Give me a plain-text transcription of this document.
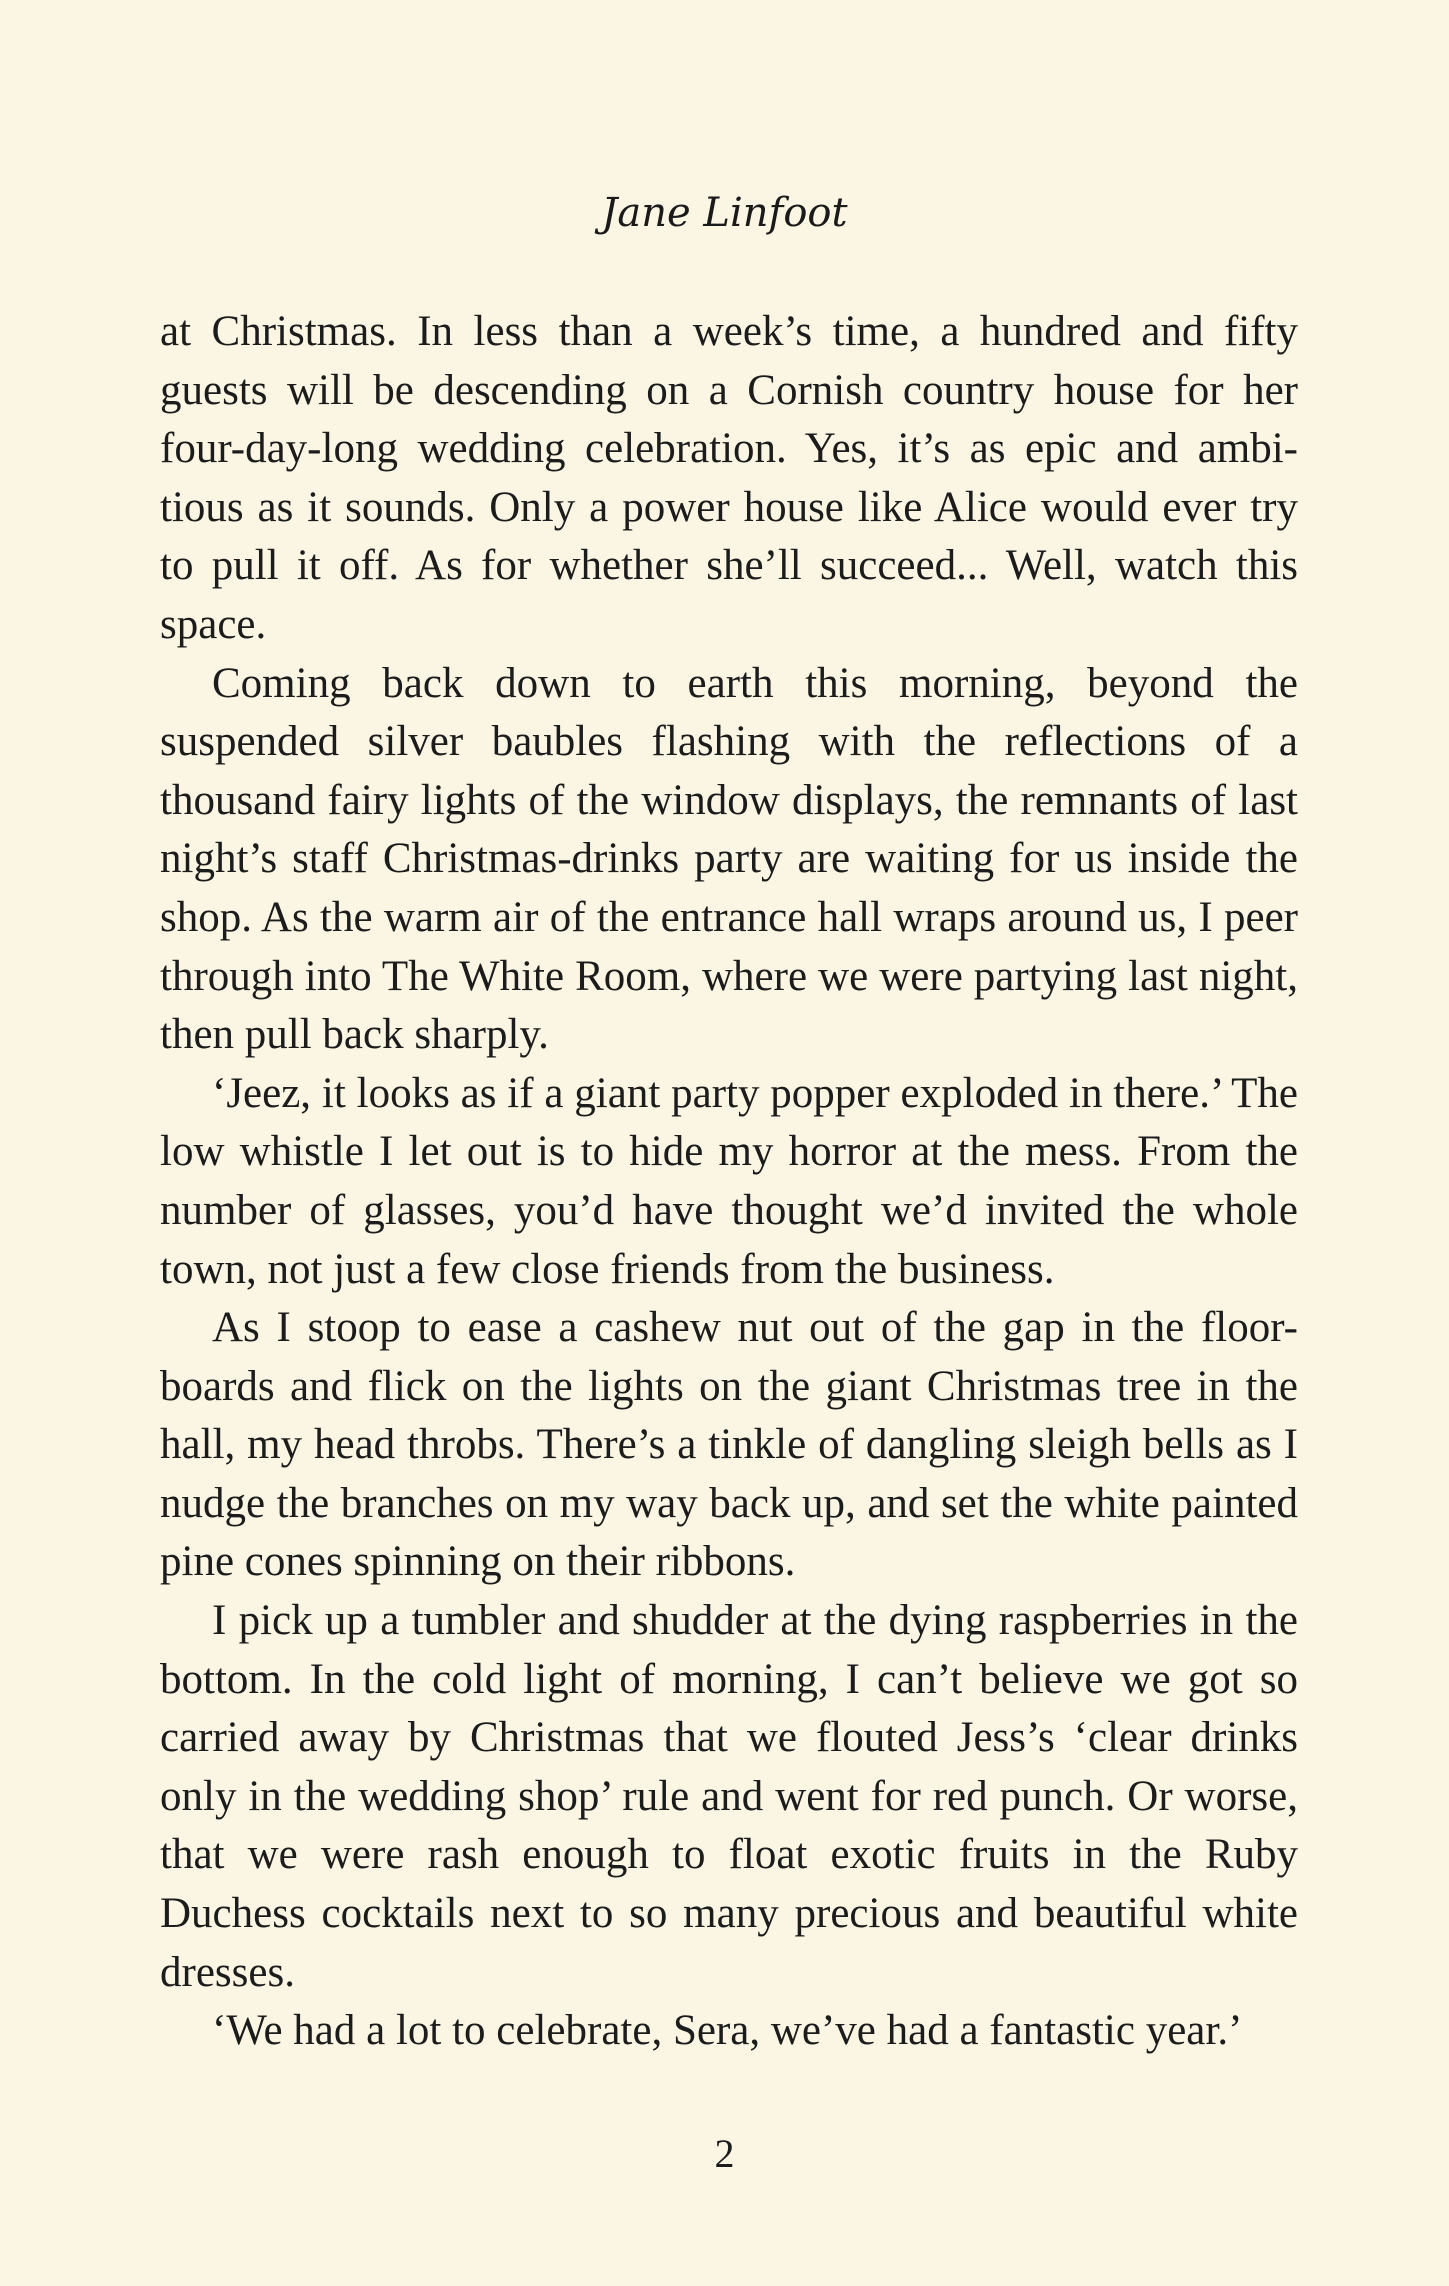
Jane Linfoot

at Christmas. In less than a week’s time, a hundred and fifty guests will be descending on a Cornish country house for her four-day-long wedding celebration. Yes, it’s as epic and ambi-tious as it sounds. Only a power house like Alice would ever try to pull it off. As for whether she’ll succeed... Well, watch this space.

Coming back down to earth this morning, beyond the suspended silver baubles flashing with the reflections of a thousand fairy lights of the window displays, the remnants of last night’s staff Christmas-drinks party are waiting for us inside the shop. As the warm air of the entrance hall wraps around us, I peer through into The White Room, where we were partying last night, then pull back sharply.

‘Jeez, it looks as if a giant party popper exploded in there.’ The low whistle I let out is to hide my horror at the mess. From the number of glasses, you’d have thought we’d invited the whole town, not just a few close friends from the business.

As I stoop to ease a cashew nut out of the gap in the floor-boards and flick on the lights on the giant Christmas tree in the hall, my head throbs. There’s a tinkle of dangling sleigh bells as I nudge the branches on my way back up, and set the white painted pine cones spinning on their ribbons.

I pick up a tumbler and shudder at the dying raspberries in the bottom. In the cold light of morning, I can’t believe we got so carried away by Christmas that we flouted Jess’s ‘clear drinks only in the wedding shop’ rule and went for red punch. Or worse, that we were rash enough to float exotic fruits in the Ruby Duchess cocktails next to so many precious and beautiful white dresses.

‘We had a lot to celebrate, Sera, we’ve had a fantastic year.’

2
